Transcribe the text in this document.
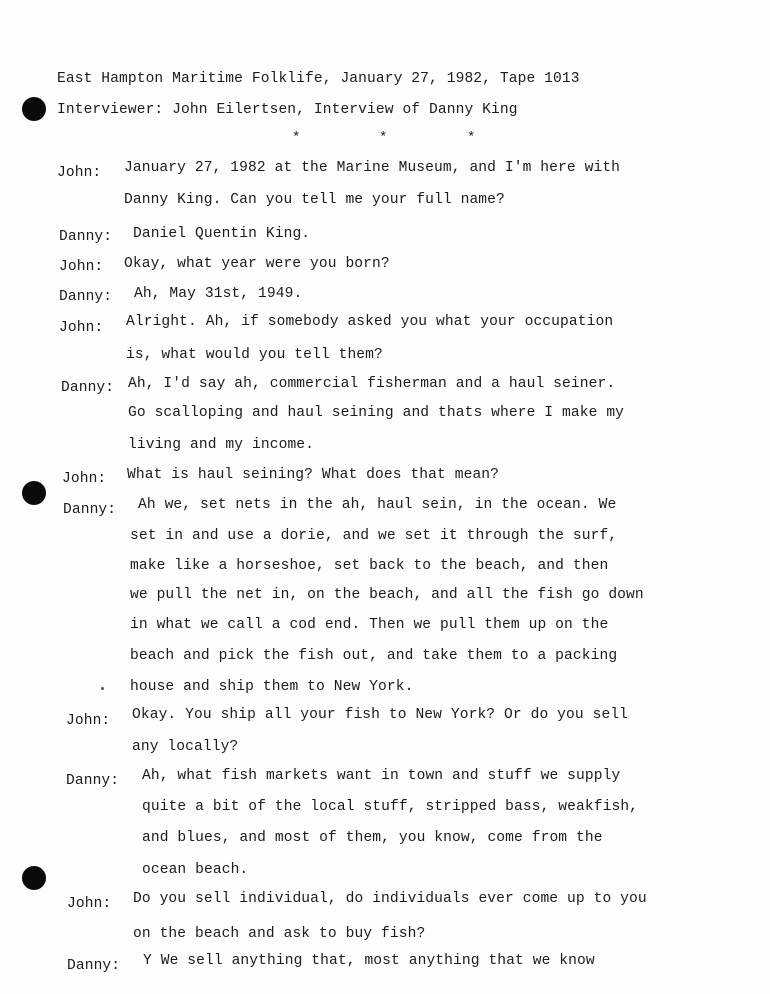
East Hampton Maritime Folklife, January 27, 1982, Tape 1013
Interviewer: John Eilertsen, Interview of Danny King
*	*	*
John: January 27, 1982 at the Marine Museum, and I'm here with
Danny King. Can you tell me your full name?
Danny: Daniel Quentin King.
John: Okay, what year were you born?
Danny: Ah, May 31st, 1949.
John: Alright. Ah, if somebody asked you what your occupation
is, what would you tell them?
Danny: Ah, I'd say ah, commercial fisherman and a haul seiner.
Go scalloping and haul seining and thats where I make my
living and my income.
John: What is haul seining? What does that mean?
Danny: Ah we, set nets in the ah, haul sein, in the ocean. We
set in and use a dorie, and we set it through the surf,
make like a horseshoe, set back to the beach, and then
we pull the net in, on the beach, and all the fish go down
in what we call a cod end. Then we pull them up on the
beach and pick the fish out, and take them to a packing
house and ship them to New York.
John: Okay. You ship all your fish to New York? Or do you sell
any locally?
Danny: Ah, what fish markets want in town and stuff we supply
quite a bit of the local stuff, stripped bass, weakfish,
and blues, and most of them, you know, come from the
ocean beach.
John: Do you sell individual, do individuals ever come up to you
on the beach and ask to buy fish?
Danny: Y We sell anything that, most anything that we know
